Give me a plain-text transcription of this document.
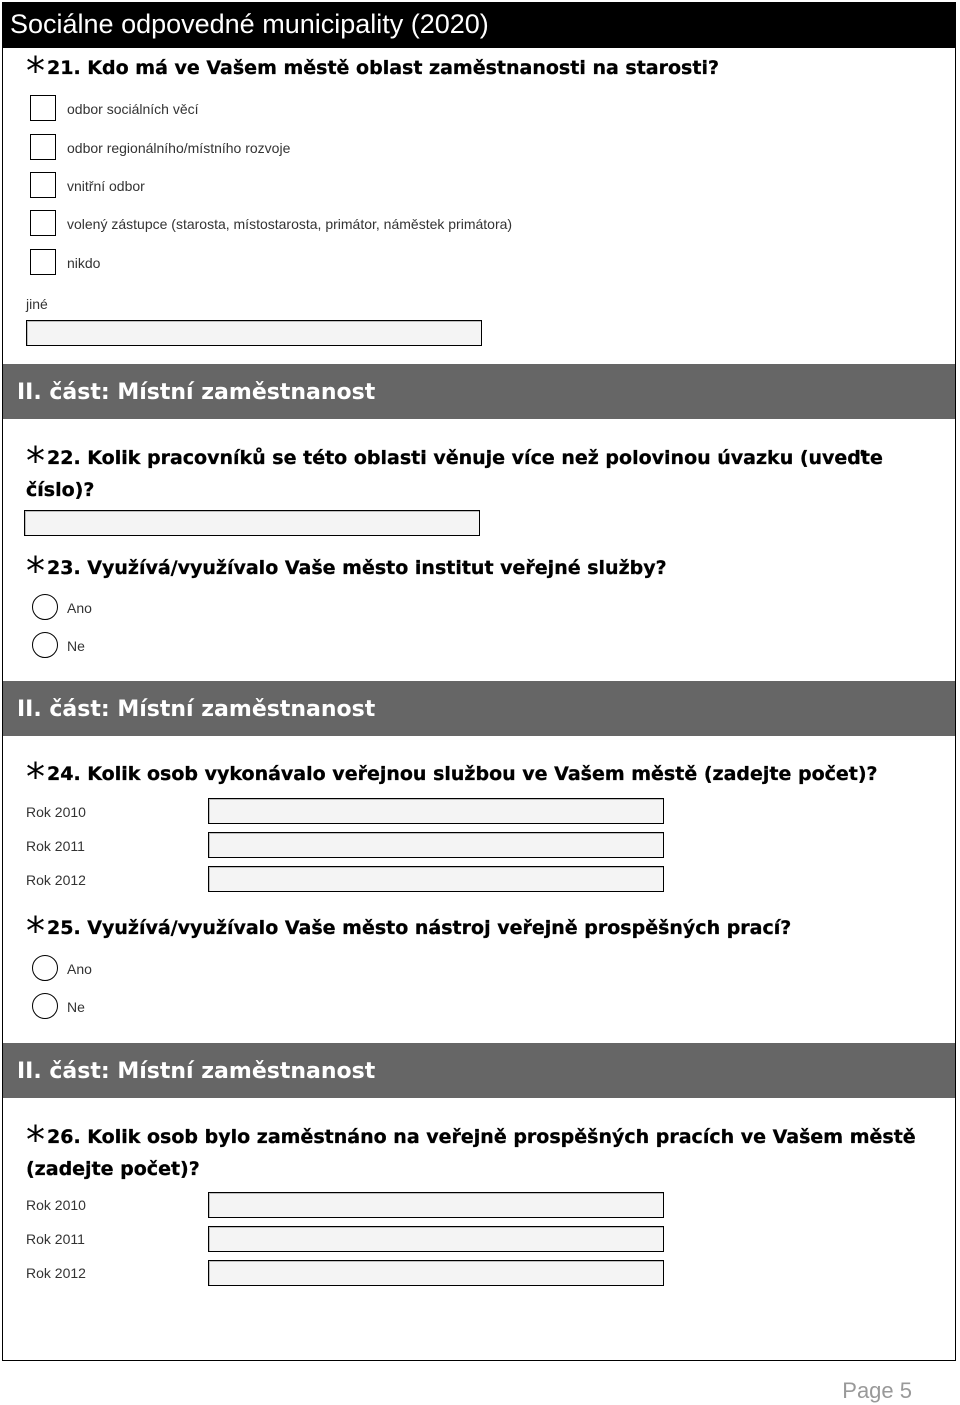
Sociálne odpovedné municipality (2020)
* 21. Kdo má ve Vašem městě oblast zaměstnanosti na starosti?
odbor sociálních věcí
odbor regionálního/místního rozvoje
vnitřní odbor
volený zástupce (starosta, místostarosta, primátor, náměstek primátora)
nikdo
jiné
II. část: Místní zaměstnanost
* 22. Kolik pracovníků se této oblasti věnuje více než polovinou úvazku (uveďte číslo)?
* 23. Využívá/využívalo Vaše město institut veřejné služby?
Ano
Ne
II. část: Místní zaměstnanost
* 24. Kolik osob vykonávalo veřejnou službou ve Vašem městě (zadejte počet)?
Rok 2010
Rok 2011
Rok 2012
* 25. Využívá/využívalo Vaše město nástroj veřejně prospěšných prací?
Ano
Ne
II. část: Místní zaměstnanost
* 26. Kolik osob bylo zaměstnáno na veřejně prospěšných pracích ve Vašem městě (zadejte počet)?
Rok 2010
Rok 2011
Rok 2012
Page 5
